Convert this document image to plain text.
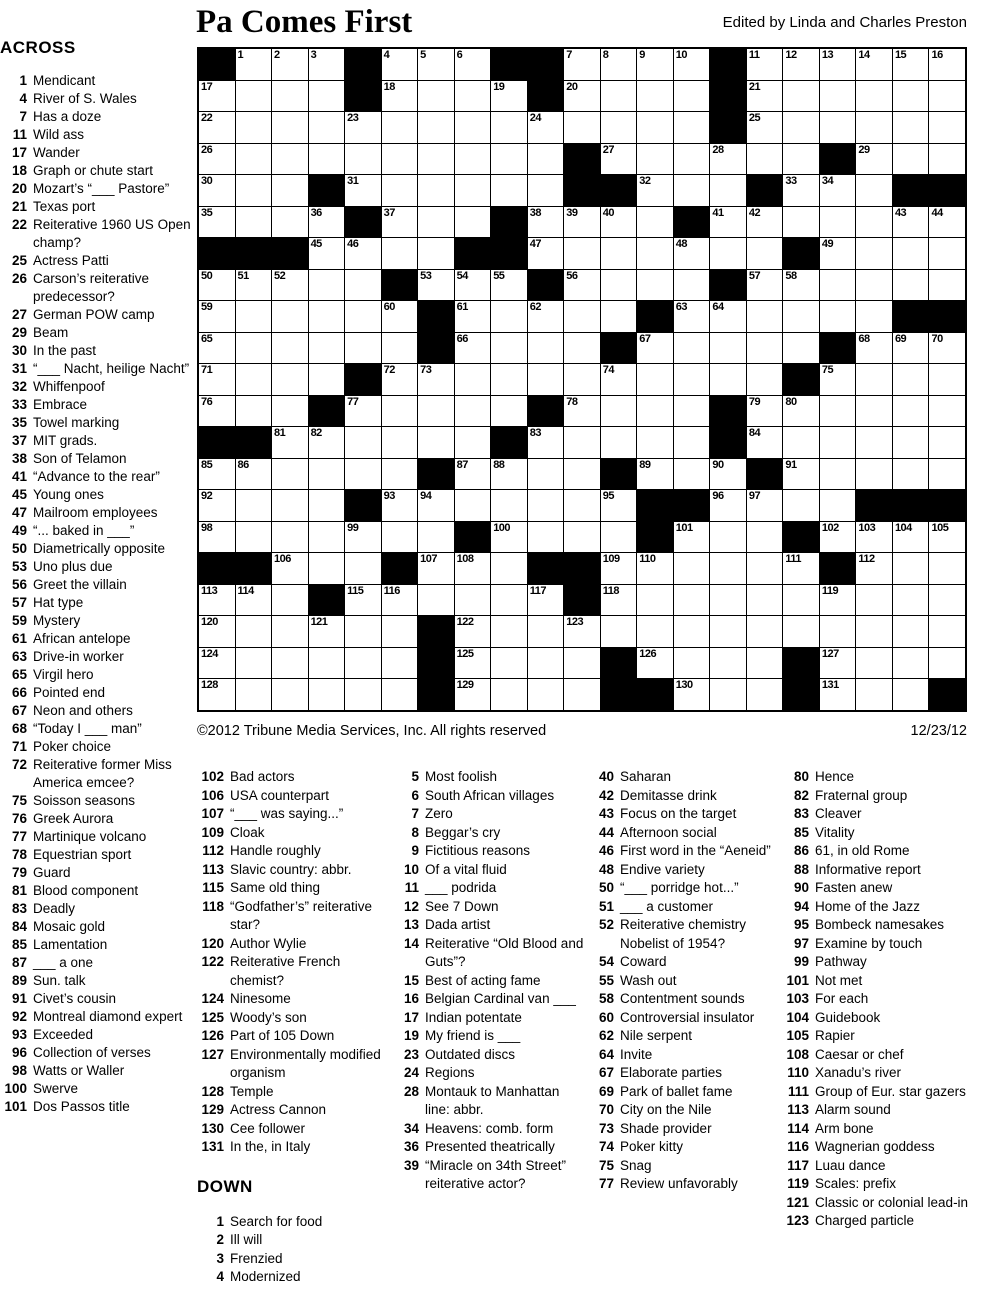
Pa Comes First	Edited by Linda and Charles Preston
ACROSS
1 Mendicant
4 River of S. Wales
7 Has a doze
11 Wild ass
17 Wander
18 Graph or chute start
20 Mozart’s “___ Pastore”
21 Texas port
22 Reiterative 1960 US Open champ?
25 Actress Patti
26 Carson’s reiterative predecessor?
27 German POW camp
29 Beam
30 In the past
31 “___ Nacht, heilige Nacht”
32 Whiffenpoof
33 Embrace
35 Towel marking
37 MIT grads.
38 Son of Telamon
41 “Advance to the rear”
45 Young ones
47 Mailroom employees
49 “... baked in ___”
50 Diametrically opposite
53 Uno plus due
56 Greet the villain
57 Hat type
59 Mystery
61 African antelope
63 Drive-in worker
65 Virgil hero
66 Pointed end
67 Neon and others
68 “Today I ___ man”
71 Poker choice
72 Reiterative former Miss America emcee?
75 Soisson seasons
76 Greek Aurora
77 Martinique volcano
78 Equestrian sport
79 Guard
81 Blood component
83 Deadly
84 Mosaic gold
85 Lamentation
87 ___ a one
89 Sun. talk
91 Civet’s cousin
92 Montreal diamond expert
93 Exceeded
96 Collection of verses
98 Watts or Waller
100 Swerve
101 Dos Passos title
1	2	3	4	5	6	7	8	9	10	11 12 13 14 15 16
17	18	19	20	21
22	23	24	25
26	27	28	29
30	31	32	33 34
35	36	37	38 39 40	41 42	43 44
45 46	47	48	49
50 51 52	53 54 55	56	57 58
59	60	61	62	63 64
65	66	67	68 69 70
71	72 73	74	75
76	77	78	79 80
81 82	83	84
85 86	87 88	89	90	91
92	93 94	95	96 97
98	99	100	101	102 103 104 105
106	107 108	109 110	111	112
113 114	115 116	117	118	119
120	121	122	123
124	125	126	127
128	129	130	131
©2012 Tribune Media Services, Inc. All rights reserved	12/23/12
102 Bad actors
106 USA counterpart
107 “___ was saying...”
109 Cloak
112 Handle roughly
113 Slavic country: abbr.
115 Same old thing
118 “Godfather’s” reiterative star?
120 Author Wylie
122 Reiterative French chemist?
124 Ninesome
125 Woody’s son
126 Part of 105 Down
127 Environmentally modified organism
128 Temple
129 Actress Cannon
130 Cee follower
131 In the, in Italy
DOWN
1 Search for food
2 Ill will
3 Frenzied
4 Modernized
5 Most foolish
6 South African villages
7 Zero
8 Beggar’s cry
9 Fictitious reasons
10 Of a vital fluid
11 ___ podrida
12 See 7 Down
13 Dada artist
14 Reiterative “Old Blood and Guts”?
15 Best of acting fame
16 Belgian Cardinal van ___
17 Indian potentate
19 My friend is ___
23 Outdated discs
24 Regions
28 Montauk to Manhattan line: abbr.
34 Heavens: comb. form
36 Presented theatrically
39 “Miracle on 34th Street” reiterative actor?
40 Saharan
42 Demitasse drink
43 Focus on the target
44 Afternoon social
46 First word in the “Aeneid”
48 Endive variety
50 “___ porridge hot...”
51 ___ a customer
52 Reiterative chemistry Nobelist of 1954?
54 Coward
55 Wash out
58 Contentment sounds
60 Controversial insulator
62 Nile serpent
64 Invite
67 Elaborate parties
69 Park of ballet fame
70 City on the Nile
73 Shade provider
74 Poker kitty
75 Snag
77 Review unfavorably
80 Hence
82 Fraternal group
83 Cleaver
85 Vitality
86 61, in old Rome
88 Informative report
90 Fasten anew
94 Home of the Jazz
95 Bombeck namesakes
97 Examine by touch
99 Pathway
101 Not met
103 For each
104 Guidebook
105 Rapier
108 Caesar or chef
110 Xanadu’s river
111 Group of Eur. star gazers
113 Alarm sound
114 Arm bone
116 Wagnerian goddess
117 Luau dance
119 Scales: prefix
121 Classic or colonial lead-in
123 Charged particle
